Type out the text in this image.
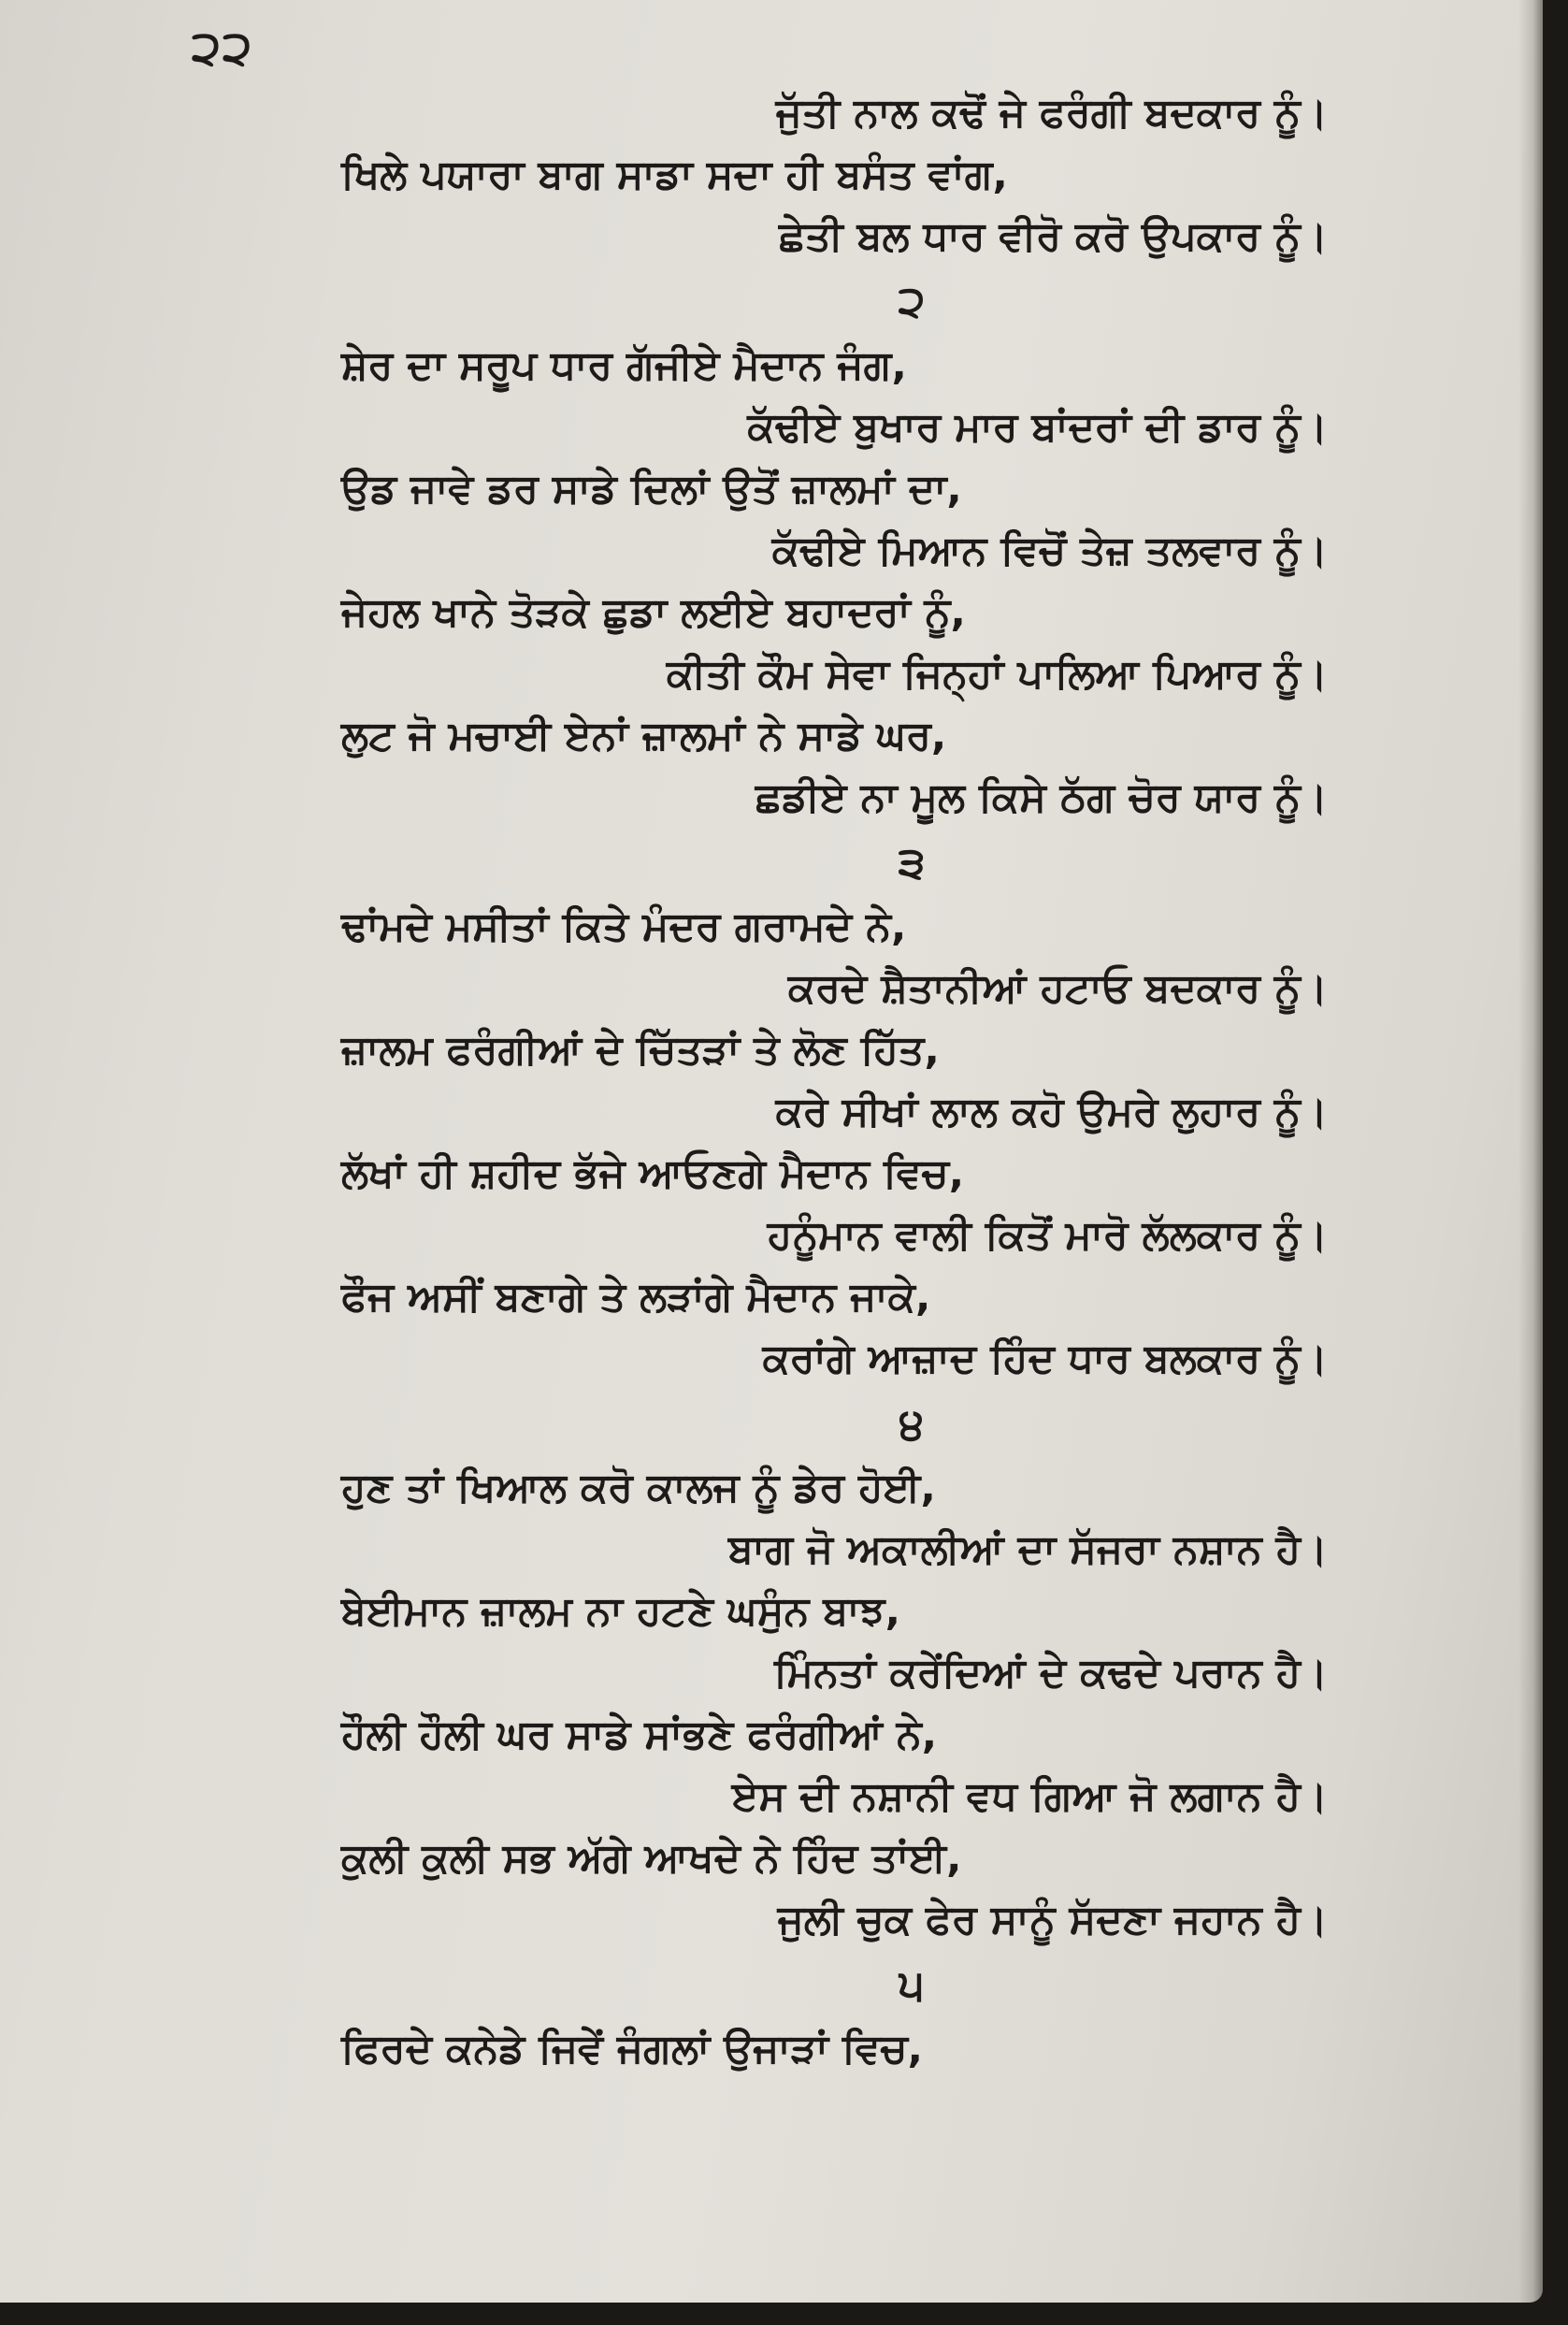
੨੨
ਜੁੱਤੀ ਨਾਲ ਕਢੋਂ ਜੇ ਫਰੰਗੀ ਬਦਕਾਰ ਨੂੰ।
ਖਿਲੇ ਪਯਾਰਾ ਬਾਗ ਸਾਡਾ ਸਦਾ ਹੀ ਬਸੰਤ ਵਾਂਗ,
ਛੇਤੀ ਬਲ ਧਾਰ ਵੀਰੋ ਕਰੋ ਉਪਕਾਰ ਨੂੰ।
੨
ਸ਼ੇਰ ਦਾ ਸਰੂਪ ਧਾਰ ਗੱਜੀਏ ਮੈਦਾਨ ਜੰਗ,
ਕੱਢੀਏ ਬੁਖਾਰ ਮਾਰ ਬਾਂਦਰਾਂ ਦੀ ਡਾਰ ਨੂੰ।
ਉਡ ਜਾਵੇ ਡਰ ਸਾਡੇ ਦਿਲਾਂ ਉਤੋਂ ਜ਼ਾਲਮਾਂ ਦਾ,
ਕੱਢੀਏ ਮਿਆਨ ਵਿਚੋਂ ਤੇਜ਼ ਤਲਵਾਰ ਨੂੰ।
ਜੇਹਲ ਖਾਨੇ ਤੋੜਕੇ ਛੁਡਾ ਲਈਏ ਬਹਾਦਰਾਂ ਨੂੰ,
ਕੀਤੀ ਕੌਮ ਸੇਵਾ ਜਿਨ੍ਹਾਂ ਪਾਲਿਆ ਪਿਆਰ ਨੂੰ।
ਲੁਟ ਜੋ ਮਚਾਈ ਏਨਾਂ ਜ਼ਾਲਮਾਂ ਨੇ ਸਾਡੇ ਘਰ,
ਛਡੀਏ ਨਾ ਮੂਲ ਕਿਸੇ ਠੱਗ ਚੋਰ ਯਾਰ ਨੂੰ।
੩
ਢਾਂਮਦੇ ਮਸੀਤਾਂ ਕਿਤੇ ਮੰਦਰ ਗਰਾਮਦੇ ਨੇ,
ਕਰਦੇ ਸ਼ੈਤਾਨੀਆਂ ਹਟਾਓ ਬਦਕਾਰ ਨੂੰ।
ਜ਼ਾਲਮ ਫਰੰਗੀਆਂ ਦੇ ਚਿੱਤੜਾਂ ਤੇ ਲੋਣ ਹਿੱਤ,
ਕਰੇ ਸੀਖਾਂ ਲਾਲ ਕਹੋ ਉਮਰੇ ਲੁਹਾਰ ਨੂੰ।
ਲੱਖਾਂ ਹੀ ਸ਼ਹੀਦ ਭੱਜੇ ਆਓਣਗੇ ਮੈਦਾਨ ਵਿਚ,
ਹਨੂੰਮਾਨ ਵਾਲੀ ਕਿਤੋਂ ਮਾਰੋ ਲੱਲਕਾਰ ਨੂੰ।
ਫੌਜ ਅਸੀਂ ਬਣਾਗੇ ਤੇ ਲੜਾਂਗੇ ਮੈਦਾਨ ਜਾਕੇ,
ਕਰਾਂਗੇ ਆਜ਼ਾਦ ਹਿੰਦ ਧਾਰ ਬਲਕਾਰ ਨੂੰ।
੪
ਹੁਣ ਤਾਂ ਖਿਆਲ ਕਰੋ ਕਾਲਜ ਨੂੰ ਡੇਰ ਹੋਈ,
ਬਾਗ ਜੋ ਅਕਾਲੀਆਂ ਦਾ ਸੱਜਰਾ ਨਸ਼ਾਨ ਹੈ।
ਬੇਈਮਾਨ ਜ਼ਾਲਮ ਨਾ ਹਟਣੇ ਘਸੁੰਨ ਬਾਝ,
ਮਿੰਨਤਾਂ ਕਰੇਂਦਿਆਂ ਦੇ ਕਢਦੇ ਪਰਾਨ ਹੈ।
ਹੌਲੀ ਹੌਲੀ ਘਰ ਸਾਡੇ ਸਾਂਭਣੇ ਫਰੰਗੀਆਂ ਨੇ,
ਏਸ ਦੀ ਨਸ਼ਾਨੀ ਵਧ ਗਿਆ ਜੋ ਲਗਾਨ ਹੈ।
ਕੁਲੀ ਕੁਲੀ ਸਭ ਅੱਗੇ ਆਖਦੇ ਨੇ ਹਿੰਦ ਤਾਂਈ,
ਜੁਲੀ ਚੁਕ ਫੇਰ ਸਾਨੂੰ ਸੱਦਣਾ ਜਹਾਨ ਹੈ।
੫
ਫਿਰਦੇ ਕਨੇਡੇ ਜਿਵੇਂ ਜੰਗਲਾਂ ਉਜਾੜਾਂ ਵਿਚ,
